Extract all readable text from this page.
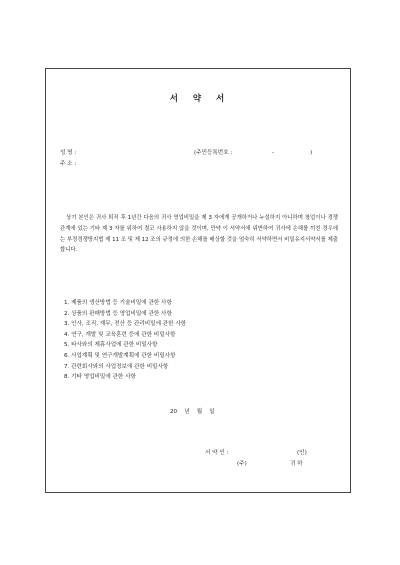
서 약 서
성 명 :	(주민등록번호 :	-	)
주 소 :

상기 본인은 귀사 퇴직 후 1년간 다음의 귀사 영업비밀을 제 3 자에게 공개하거나 누설하지 아니하며 창업이나 경쟁관계에 있는 기타 제 3 자를 위하여 결코 사용하지 않을 것이며, 만약 이 서약서에 위반하여 귀사에 손해를 끼친 경우에는 부정경쟁방지법 제 11 조 및 제 12 조의 규정에 의한 손해를 배상할 것을 엄숙히 서약하면서 비밀유지서약서를 제출합니다.

1. 제품의 생산방법 등 기술비밀에 관한 사항
2. 상품의 판매방법 등 영업비밀에 관한 사항
3. 인사, 조직, 재무, 전산 등 관리비밀에 관한 사항
4. 연구, 개발 및 교육훈련 등에 관한 비밀사항
5. 타사와의 제휴사업에 관한 비밀사항
6. 사업계획 및 연구개발계획에 관한 비밀사항
7. 관련회사와의 사업정보에 관한 비밀사항
8. 기타 영업비밀에 관한 사항
20    년    월    일
서 약 인 :	(인)
(주)	귀 하
